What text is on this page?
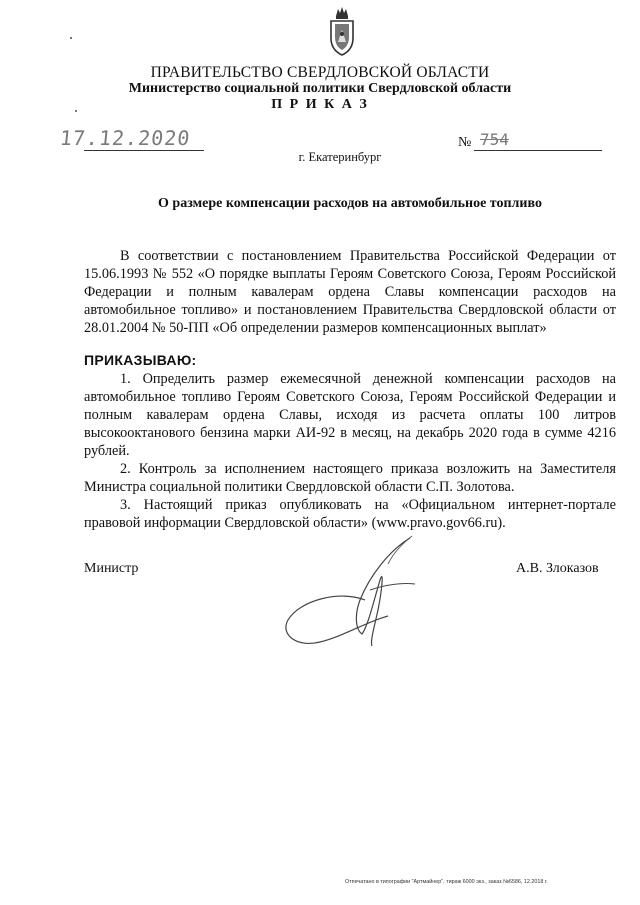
ПРАВИТЕЛЬСТВО СВЕРДЛОВСКОЙ ОБЛАСТИ
Министерство социальной политики Свердловской области
П Р И К А З
17.12.2020	№ 754
г. Екатеринбург
О размере компенсации расходов на автомобильное топливо

В соответствии с постановлением Правительства Российской Федерации от 15.06.1993 № 552 «О порядке выплаты Героям Советского Союза, Героям Российской Федерации и полным кавалерам ордена Славы компенсации расходов на автомобильное топливо» и постановлением Правительства Свердловской области от 28.01.2004 № 50-ПП «Об определении размеров компенсационных выплат»

ПРИКАЗЫВАЮ:

1. Определить размер ежемесячной денежной компенсации расходов на автомобильное топливо Героям Советского Союза, Героям Российской Федерации и полным кавалерам ордена Славы, исходя из расчета оплаты 100 литров высокооктанового бензина марки АИ-92 в месяц, на декабрь 2020 года в сумме 4216 рублей.

2. Контроль за исполнением настоящего приказа возложить на Заместителя Министра социальной политики Свердловской области С.П. Золотова.

3. Настоящий приказ опубликовать на «Официальном интернет-портале правовой информации Свердловской области» (www.pravo.gov66.ru).

Министр	А.В. Злоказов
Отпечатано в типографии "Артмайнер", тираж 6000 экз., заказ №6586, 12.2018 г.
